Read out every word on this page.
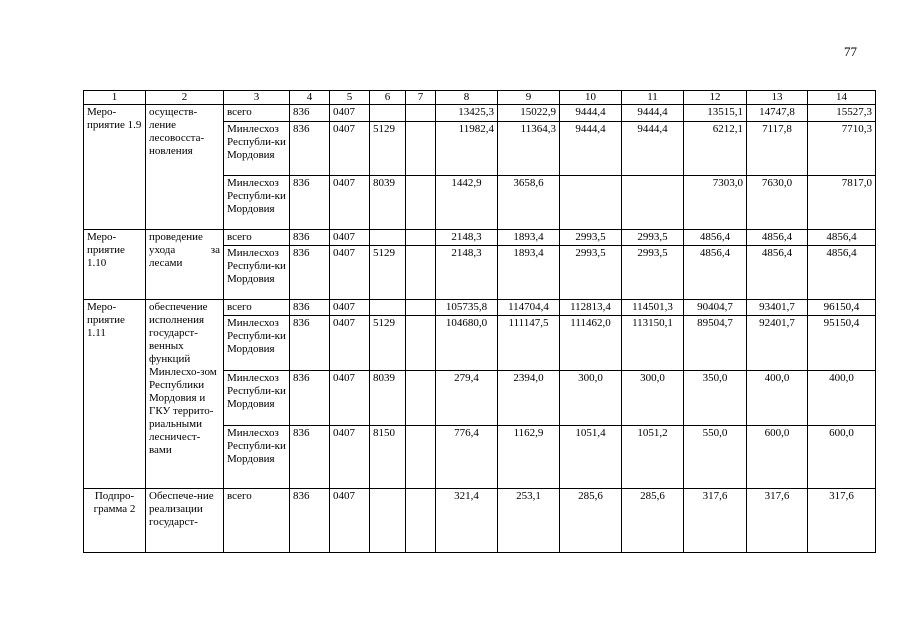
77
1	2	3	4	5	6	7	8	9	10	11	12	13	14
Меро-приятие 1.9	осуществ-ление лесовосста-новления	всего	836	0407			13425,3	15022,9	9444,4	9444,4	13515,1	14747,8	15527,3
		Минлесхоз Республи-ки Мордовия	836	0407	5129		11982,4	11364,3	9444,4	9444,4	6212,1	7117,8	7710,3
		Минлесхоз Республи-ки Мордовия	836	0407	8039		1442,9	3658,6			7303,0	7630,0	7817,0
Меро-приятие 1.10	проведение ухода за лесами	всего	836	0407			2148,3	1893,4	2993,5	2993,5	4856,4	4856,4	4856,4
		Минлесхоз Республи-ки Мордовия	836	0407	5129		2148,3	1893,4	2993,5	2993,5	4856,4	4856,4	4856,4
Меро-приятие 1.11	обеспечение исполнения государст-венных функций Минлесхо-зом Республики Мордовия и ГКУ террито-риальными лесничест-вами	всего	836	0407			105735,8	114704,4	112813,4	114501,3	90404,7	93401,7	96150,4
		Минлесхоз Республи-ки Мордовия	836	0407	5129		104680,0	111147,5	111462,0	113150,1	89504,7	92401,7	95150,4
		Минлесхоз Республи-ки Мордовия	836	0407	8039		279,4	2394,0	300,0	300,0	350,0	400,0	400,0
		Минлесхоз Республи-ки Мордовия	836	0407	8150		776,4	1162,9	1051,4	1051,2	550,0	600,0	600,0
Подпро-грамма 2	Обеспече-ние реализации государст-	всего	836	0407			321,4	253,1	285,6	285,6	317,6	317,6	317,6
